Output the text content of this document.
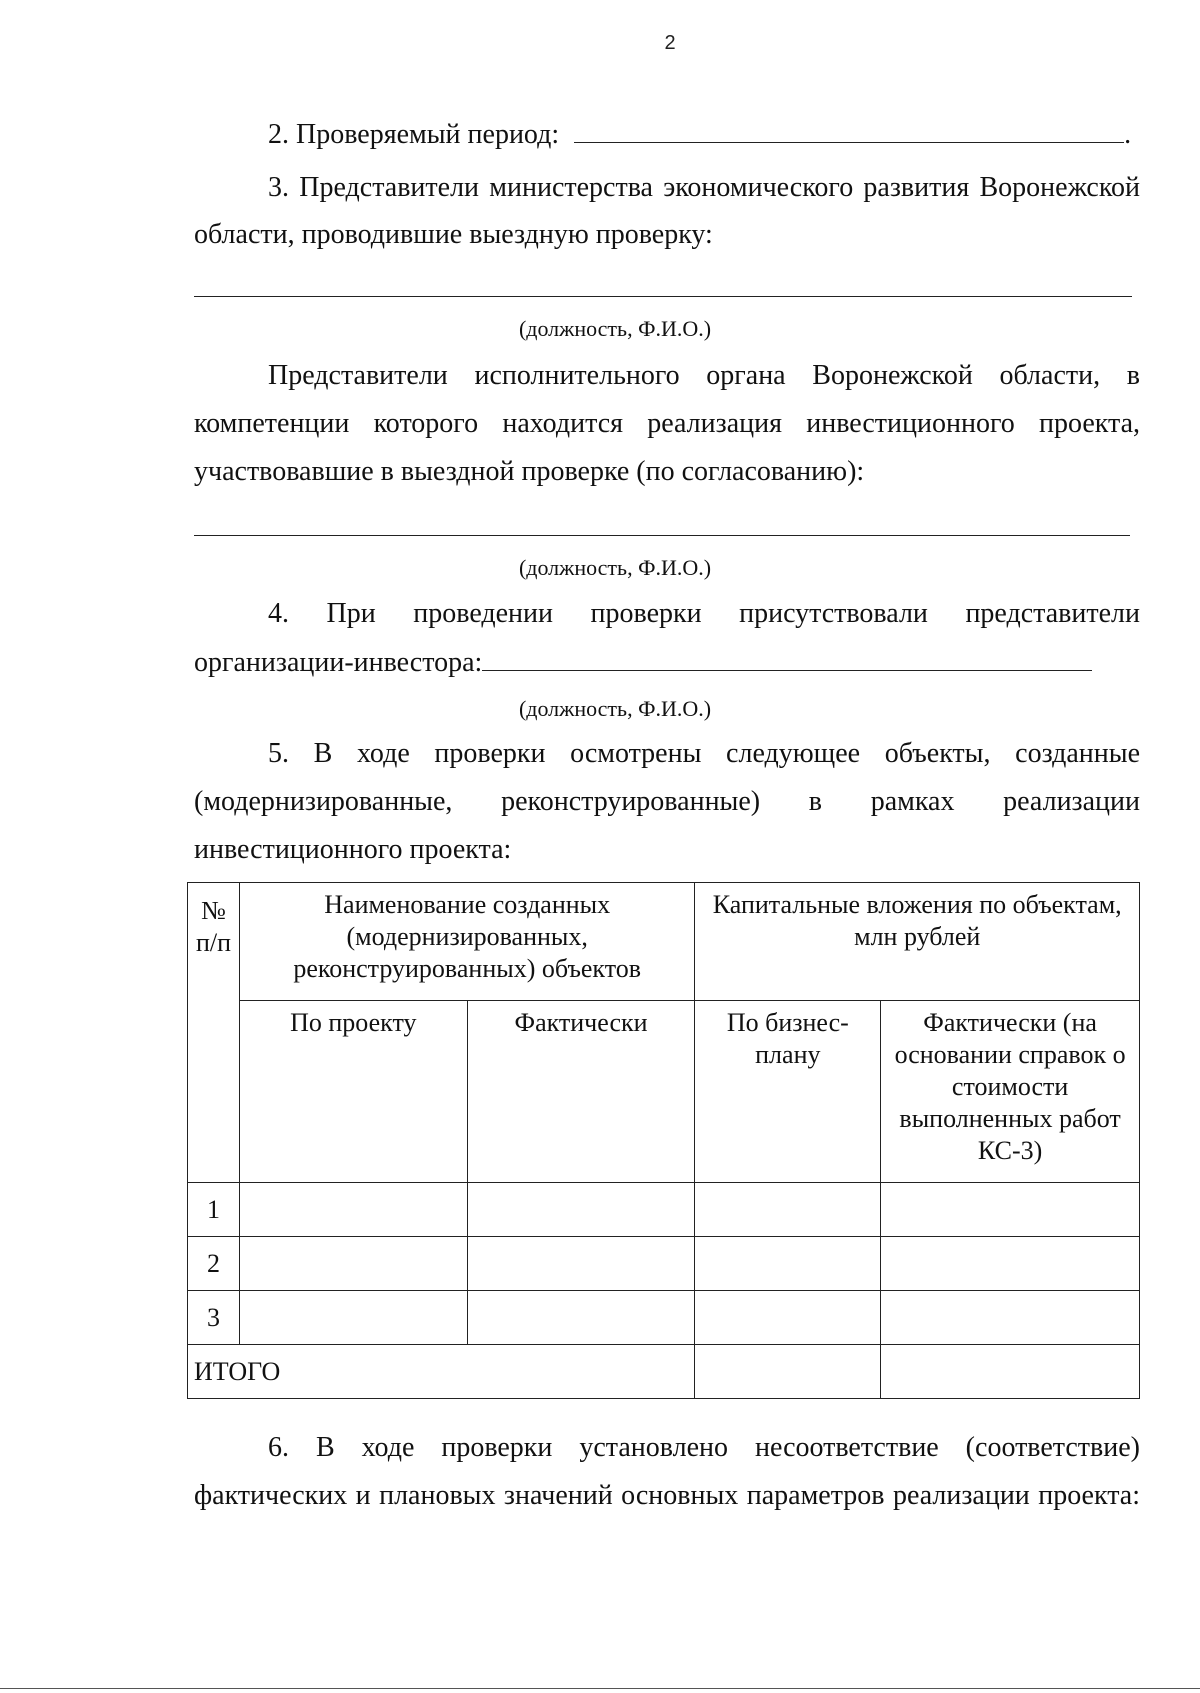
2
2. Проверяемый период:	.
3. Представители министерства экономического развития Воронежской
области, проводившие выездную проверку:
(должность, Ф.И.О.)
Представители исполнительного органа Воронежской области, в
компетенции которого находится реализация инвестиционного проекта,
участвовавшие в выездной проверке (по согласованию):
(должность, Ф.И.О.)
4. При проведении проверки присутствовали представители
организации-инвестора:
(должность, Ф.И.О.)
5. В ходе проверки осмотрены следующее объекты, созданные
(модернизированные, реконструированные) в рамках реализации
инвестиционного проекта:
№ п/п	Наименование созданных (модернизированных, реконструированных) объектов		Капитальные вложения по объектам, млн рублей	
	По проекту	Фактически	По бизнес-плану	Фактически (на основании справок о стоимости выполненных работ КС-3)
1				
2				
3				
ИТОГО				
6. В ходе проверки установлено несоответствие (соответствие)
фактических и плановых значений основных параметров реализации проекта:
